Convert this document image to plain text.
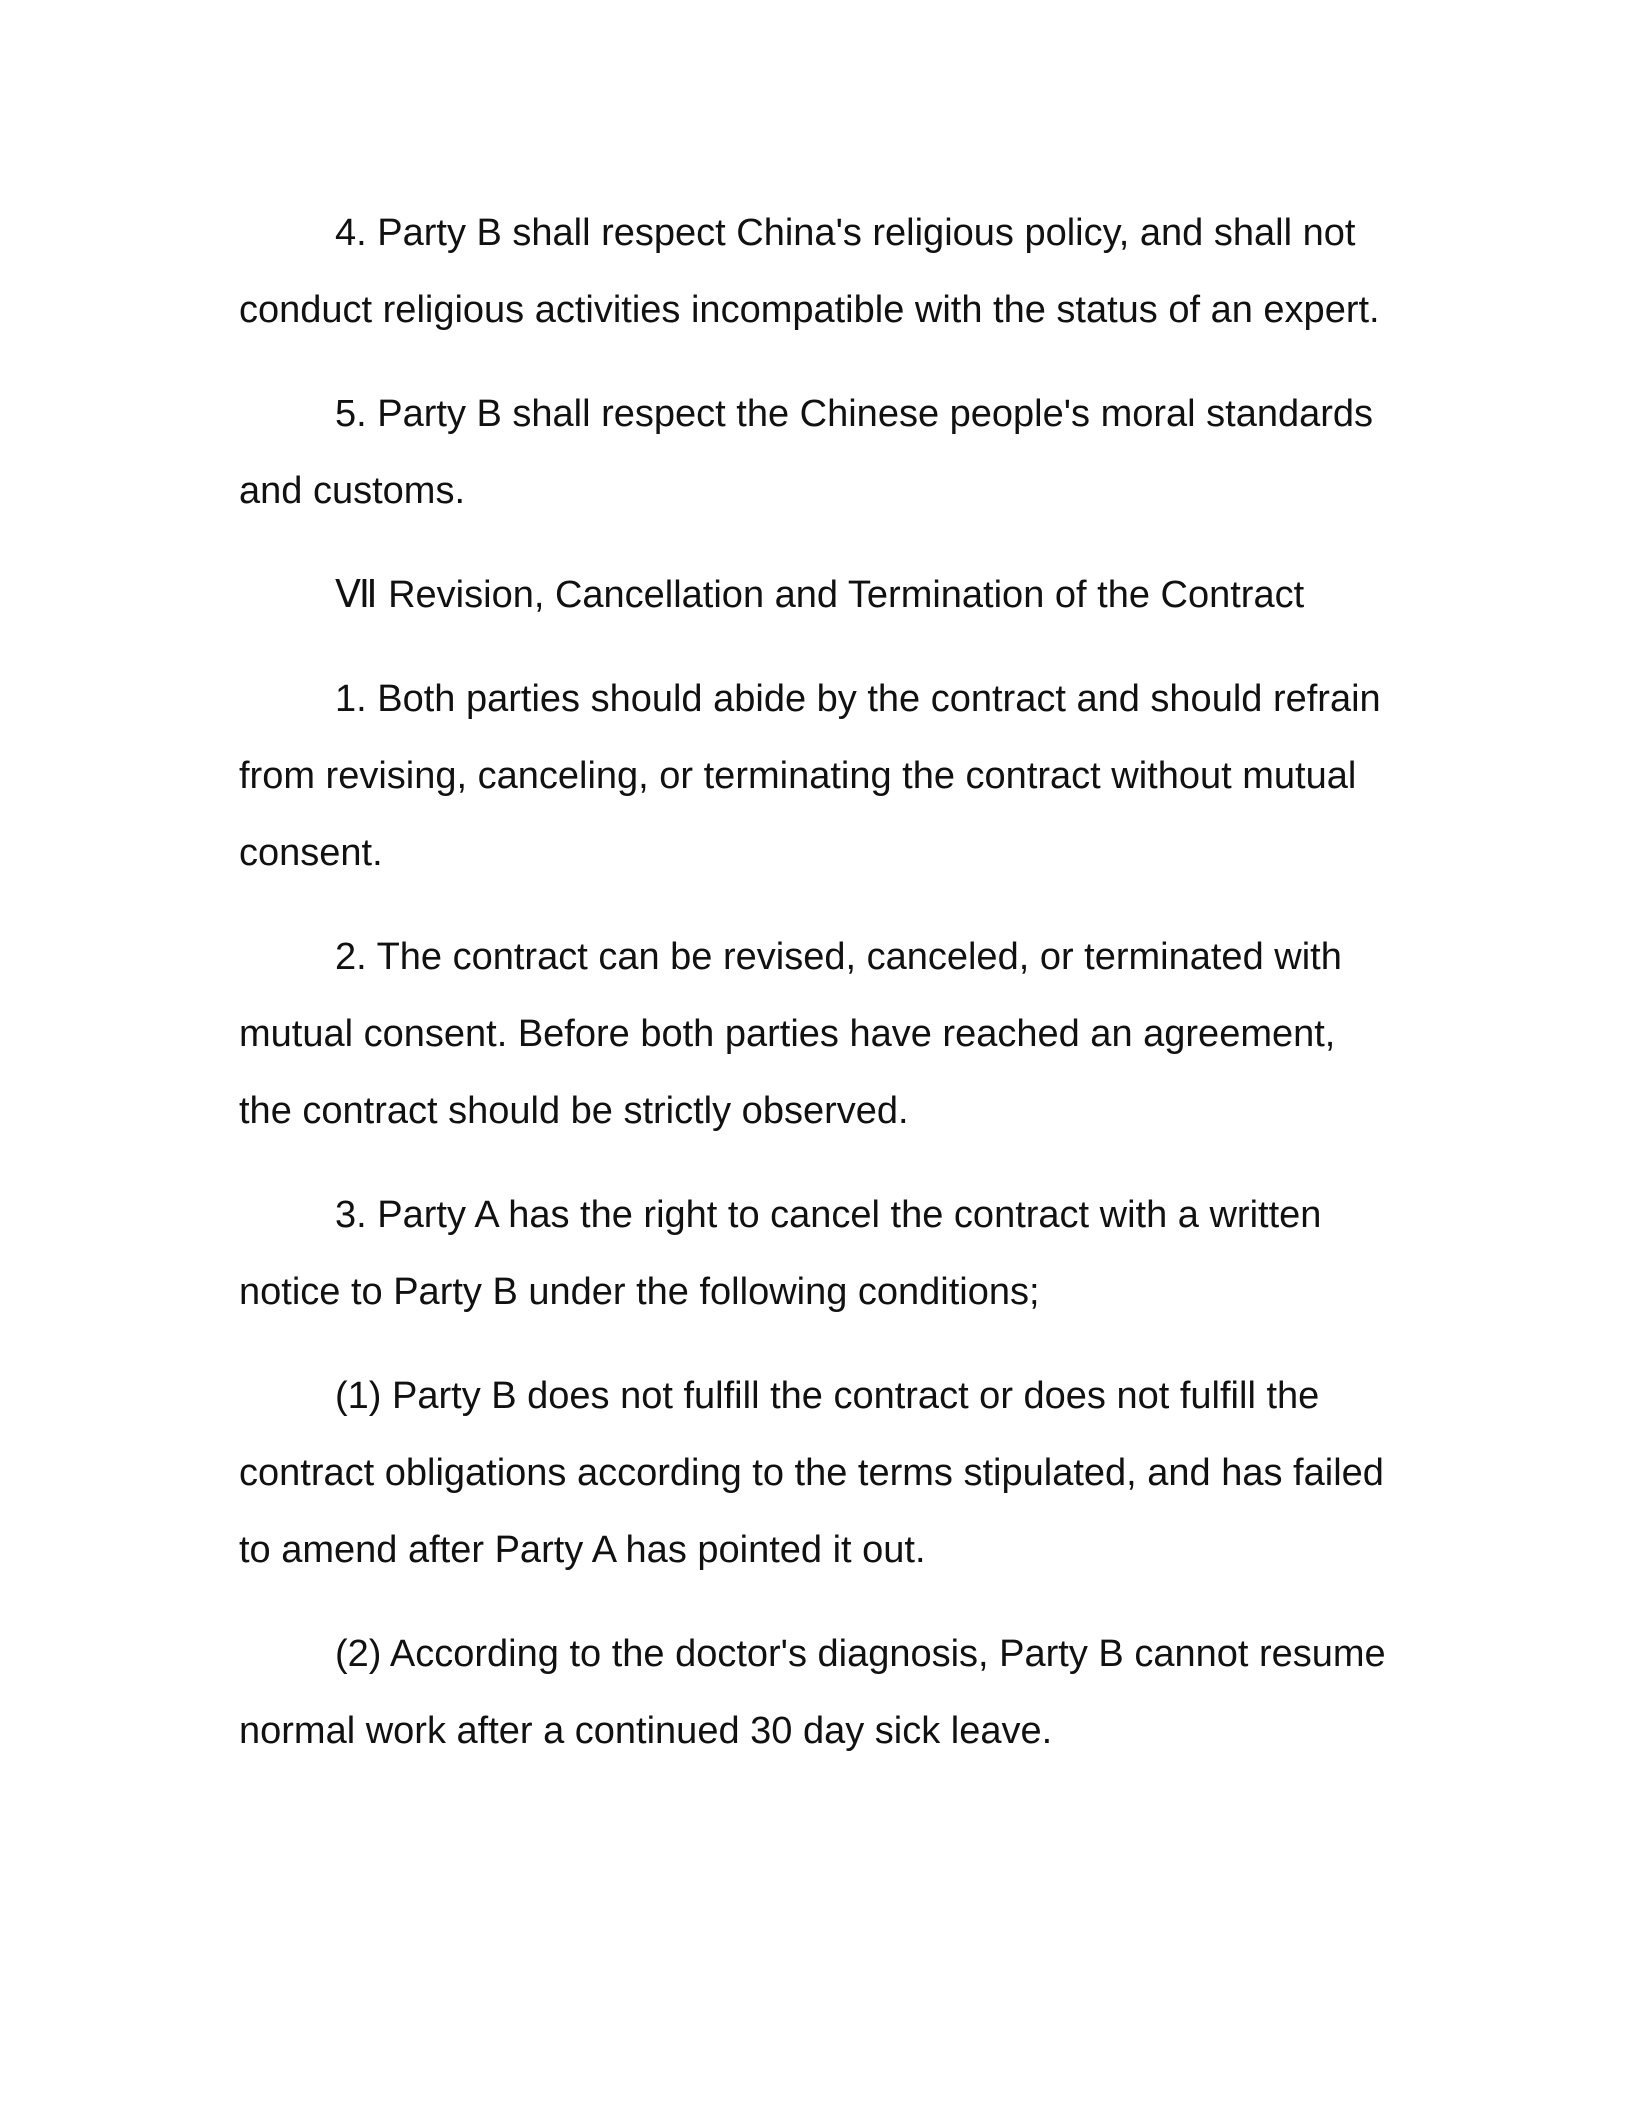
4. Party B shall respect China's religious policy, and shall not conduct religious activities incompatible with the status of an expert.

5. Party B shall respect the Chinese people's moral standards and customs.

Ⅶ Revision, Cancellation and Termination of the Contract

1. Both parties should abide by the contract and should refrain from revising, canceling, or terminating the contract without mutual consent.

2. The contract can be revised, canceled, or terminated with mutual consent. Before both parties have reached an agreement, the contract should be strictly observed.

3. Party A has the right to cancel the contract with a written notice to Party B under the following conditions;

(1) Party B does not fulfill the contract or does not fulfill the contract obligations according to the terms stipulated, and has failed to amend after Party A has pointed it out.

(2) According to the doctor's diagnosis, Party B cannot resume normal work after a continued 30 day sick leave.
